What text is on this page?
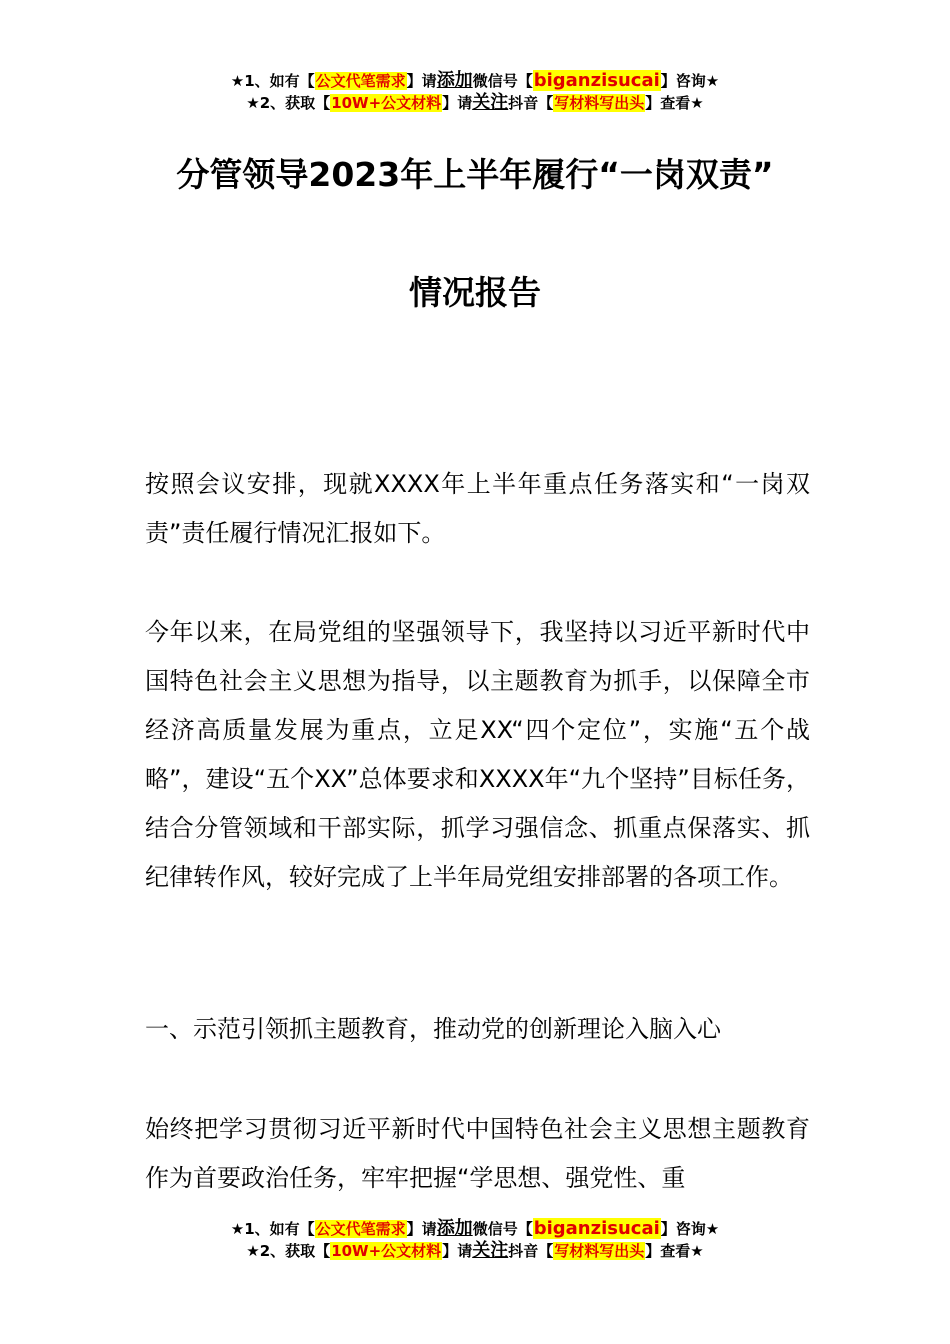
★1、如有【公文代笔需求】请添加微信号【biganzisucai】咨询★
★2、获取【10W+公文材料】请关注抖音【写材料写出头】查看★
分管领导2023年上半年履行“一岗双责”
情况报告

按照会议安排，现就XXXX年上半年重点任务落实和“一岗双责”责任履行情况汇报如下。

今年以来，在局党组的坚强领导下，我坚持以习近平新时代中国特色社会主义思想为指导，以主题教育为抓手，以保障全市经济高质量发展为重点，立足XX“四个定位”，实施“五个战略”，建设“五个XX”总体要求和XXXX年“九个坚持”目标任务，结合分管领域和干部实际，抓学习强信念、抓重点保落实、抓纪律转作风，较好完成了上半年局党组安排部署的各项工作。

一、示范引领抓主题教育，推动党的创新理论入脑入心

始终把学习贯彻习近平新时代中国特色社会主义思想主题教育作为首要政治任务，牢牢把握“学思想、强党性、重

★1、如有【公文代笔需求】请添加微信号【biganzisucai】咨询★
★2、获取【10W+公文材料】请关注抖音【写材料写出头】查看★
